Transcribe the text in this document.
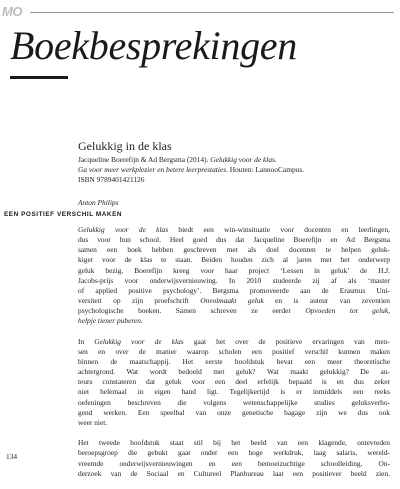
MO
Boekbesprekingen
Gelukkig in de klas
Jacqueline Boerefijn & Ad Bergsma (2014). Gelukkig voor de klas.
Ga voor meer werkplezier en betere leerprestaties. Houten: LannooCampus.
ISBN 9789401421126
Anton Philips
EEN POSITIEF VERSCHIL MAKEN

Gelukkig voor de klas biedt een win-winsituatie voor docenten en leerlingen,
dus voor hun school. Heel goed dus dat Jacqueline Boerefijn en Ad Bergsma
samen een boek hebben geschreven met als doel docenten te helpen geluk-
kiger voor de klas te staan. Beiden houden zich al jaren met het onderwerp
geluk bezig. Boerefijn kreeg voor haar project ‘Lessen in geluk’ de H.J.
Jacobs-prijs voor onderwijsvernieuwing. In 2010 studeerde zij af als ‘master
of applied positive psychology’. Bergsma promoveerde aan de Erasmus Uni-
versiteit op zijn proefschrift Onvolmaakt geluk en is auteur van zeventien
psychologische boeken. Samen schreven ze eerder Opvoeden tot geluk,
helpje tiener puberen.

In Gelukkig voor de klas gaat het over de positieve ervaringen van men-
sen en over de manier waarop scholen een positief verschil kunnen maken
binnen de maatschappij. Het eerste hoofdstuk bevat een meer theoretische
achtergrond. Wat wordt bedoeld met geluk? Wat maakt gelukkig? De au-
teurs constateren dat geluk voor een deel erfelijk bepaald is en dus zeker
niet helemaal in eigen hand ligt. Tegelijkertijd is er inmiddels een reeks
oefeningen beschreven die volgens wetenschappelijke studies geluksverho-
gend werken. Een speelbal van onze genetische bagage zijn we dus ook
weer niet.

Het tweede hoofdstuk staat stil bij het beeld van een klagende, ontevreden
beroepsgroep die gebukt gaat onder een hoge werkdruk, laag salaris, wereld-
vreemde onderwijsvernieuwingen en een bemoeizuchtige schoolleiding. On-
derzoek van de Sociaal en Cultureel Planbureau laat een positiever beeld zien.

134
